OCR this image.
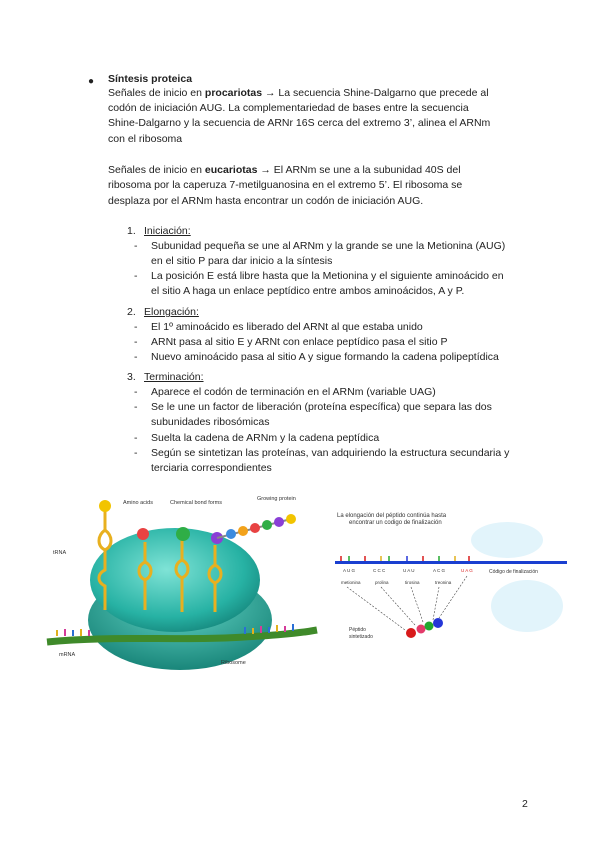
● Síntesis proteica
Señales de inicio en procariotas → La secuencia Shine-Dalgarno que precede al
codón de iniciación AUG. La complementariedad de bases entre la secuencia
Shine-Dalgarno y la secuencia de ARNr 16S cerca del extremo 3’, alinea el ARNm
con el ribosoma
Señales de inicio en eucariotas → El ARNm se une a la subunidad 40S del
ribosoma por la caperuza 7-metilguanosina en el extremo 5’. El ribosoma se
desplaza por el ARNm hasta encontrar un codón de iniciación AUG.
1. Iniciación:
- Subunidad pequeña se une al ARNm y la grande se une la Metionina (AUG)
en el sitio P para dar inicio a la síntesis
- La posición E está libre hasta que la Metionina y el siguiente aminoácido en
el sitio A haga un enlace peptídico entre ambos aminoácidos, A y P.
2. Elongación:
- El 1º aminoácido es liberado del ARNt al que estaba unido
- ARNt pasa al sitio E y ARNt con enlace peptídico pasa el sitio P
- Nuevo aminoácido pasa al sitio A y sigue formando la cadena polipeptídica
3. Terminación:
- Aparece el codón de terminación en el ARNm (variable UAG)
- Se le une un factor de liberación (proteína específica) que separa las dos
subunidades ribosómicas
- Suelta la cadena de ARNm y la cadena peptídica
- Según se sintetizan las proteínas, van adquiriendo la estructura secundaria y
terciaria correspondientes
Amino acids	Chemical bond forms
Growing protein
tRNA
mRNA
Ribosome
La elongación del péptido continúa hasta
encontrar un codigo de finalización
A U G	C C C	U A U	A C G	U A G	Código de finalización
metionina	prolina	tirosina	treonina
Péptido
sintetizado
2
